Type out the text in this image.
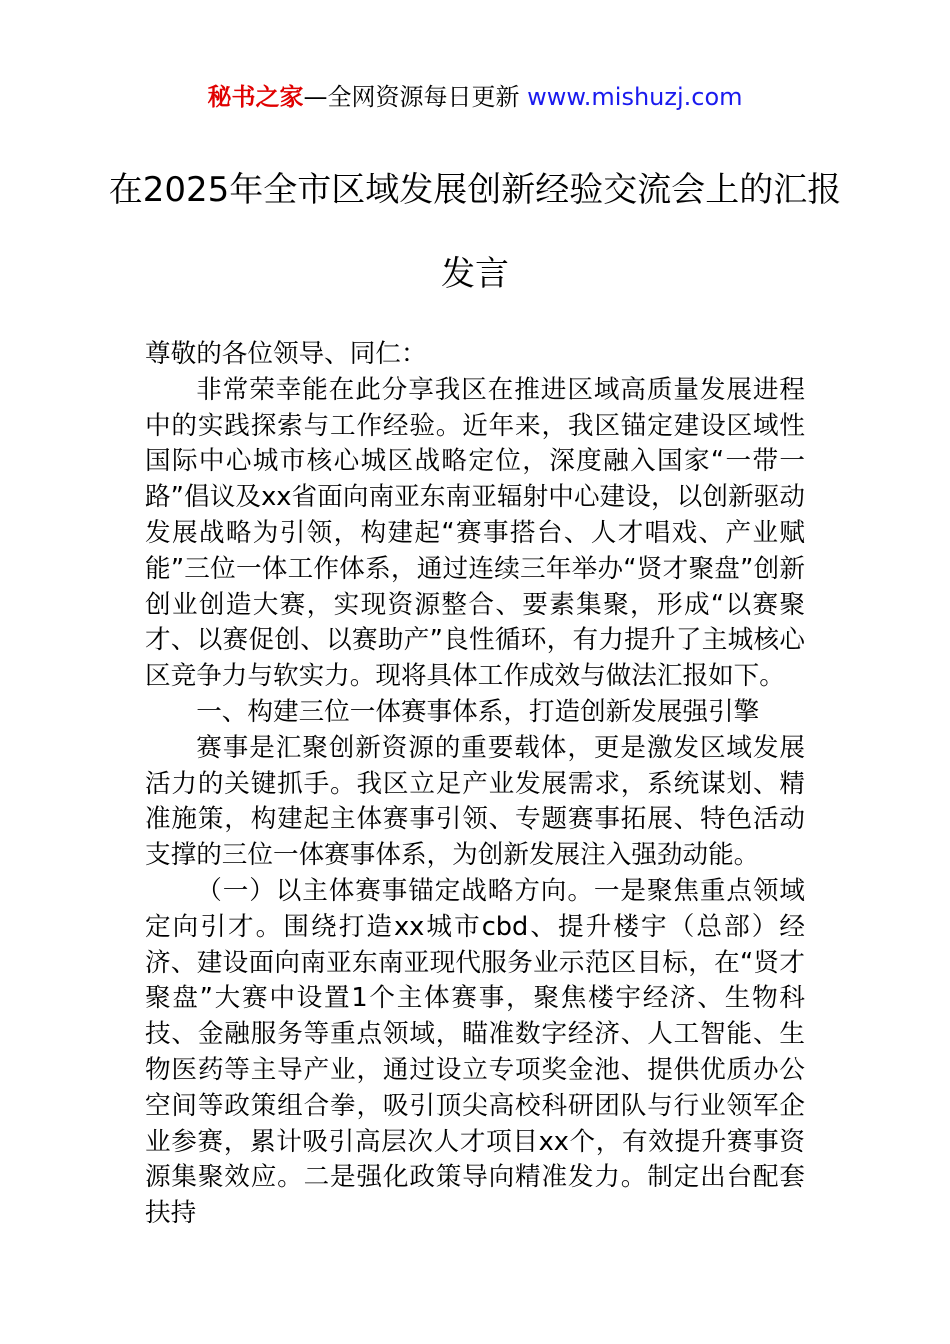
秘书之家—全网资源每日更新 www.mishuzj.com
在2025年全市区域发展创新经验交流会上的汇报发言

尊敬的各位领导、同仁：

非常荣幸能在此分享我区在推进区域高质量发展进程中的实践探索与工作经验。近年来，我区锚定建设区域性国际中心城市核心城区战略定位，深度融入国家“一带一路”倡议及xx省面向南亚东南亚辐射中心建设，以创新驱动发展战略为引领，构建起“赛事搭台、人才唱戏、产业赋能”三位一体工作体系，通过连续三年举办“贤才聚盘”创新创业创造大赛，实现资源整合、要素集聚，形成“以赛聚才、以赛促创、以赛助产”良性循环，有力提升了主城核心区竞争力与软实力。现将具体工作成效与做法汇报如下。

一、构建三位一体赛事体系，打造创新发展强引擎

赛事是汇聚创新资源的重要载体，更是激发区域发展活力的关键抓手。我区立足产业发展需求，系统谋划、精准施策，构建起主体赛事引领、专题赛事拓展、特色活动支撑的三位一体赛事体系，为创新发展注入强劲动能。

（一）以主体赛事锚定战略方向。一是聚焦重点领域定向引才。围绕打造xx城市cbd、提升楼宇（总部）经济、建设面向南亚东南亚现代服务业示范区目标，在“贤才聚盘”大赛中设置1个主体赛事，聚焦楼宇经济、生物科技、金融服务等重点领域，瞄准数字经济、人工智能、生物医药等主导产业，通过设立专项奖金池、提供优质办公空间等政策组合拳，吸引顶尖高校科研团队与行业领军企业参赛，累计吸引高层次人才项目xx个，有效提升赛事资源集聚效应。二是强化政策导向精准发力。制定出台配套扶持
